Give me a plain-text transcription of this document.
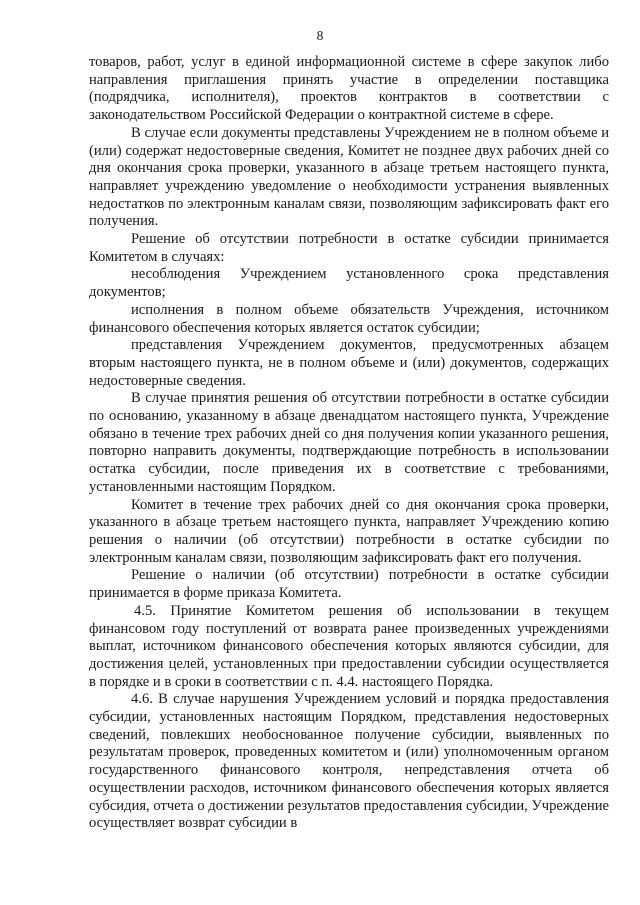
8

товаров, работ, услуг в единой информационной системе в сфере закупок либо направления приглашения принять участие в определении поставщика (подрядчика, исполнителя), проектов контрактов в соответствии с законодательством Российской Федерации о контрактной системе в сфере.

В случае если документы представлены Учреждением не в полном объеме и (или) содержат недостоверные сведения, Комитет не позднее двух рабочих дней со дня окончания срока проверки, указанного в абзаце третьем настоящего пункта, направляет учреждению уведомление о необходимости устранения выявленных недостатков по электронным каналам связи, позволяющим зафиксировать факт его получения.

Решение об отсутствии потребности в остатке субсидии принимается Комитетом в случаях:

несоблюдения Учреждением установленного срока представления документов;

исполнения в полном объеме обязательств Учреждения, источником финансового обеспечения которых является остаток субсидии;

представления Учреждением документов, предусмотренных абзацем вторым настоящего пункта, не в полном объеме и (или) документов, содержащих недостоверные сведения.

В случае принятия решения об отсутствии потребности в остатке субсидии по основанию, указанному в абзаце двенадцатом настоящего пункта, Учреждение обязано в течение трех рабочих дней со дня получения копии указанного решения, повторно направить документы, подтверждающие потребность в использовании остатка субсидии, после приведения их в соответствие с требованиями, установленными настоящим Порядком.

Комитет в течение трех рабочих дней со дня окончания срока проверки, указанного в абзаце третьем настоящего пункта, направляет Учреждению копию решения о наличии (об отсутствии) потребности в остатке субсидии по электронным каналам связи, позволяющим зафиксировать факт его получения.

Решение о наличии (об отсутствии) потребности в остатке субсидии принимается в форме приказа Комитета.

4.5. Принятие Комитетом решения об использовании в текущем финансовом году поступлений от возврата ранее произведенных учреждениями выплат, источником финансового обеспечения которых являются субсидии, для достижения целей, установленных при предоставлении субсидии осуществляется в порядке и в сроки в соответствии с п. 4.4. настоящего Порядка.

4.6. В случае нарушения Учреждением условий и порядка предоставления субсидии, установленных настоящим Порядком, представления недостоверных сведений, повлекших необоснованное получение субсидии, выявленных по результатам проверок, проведенных комитетом и (или) уполномоченным органом государственного финансового контроля, непредставления отчета об осуществлении расходов, источником финансового обеспечения которых является субсидия, отчета о достижении результатов предоставления субсидии, Учреждение осуществляет возврат субсидии в
